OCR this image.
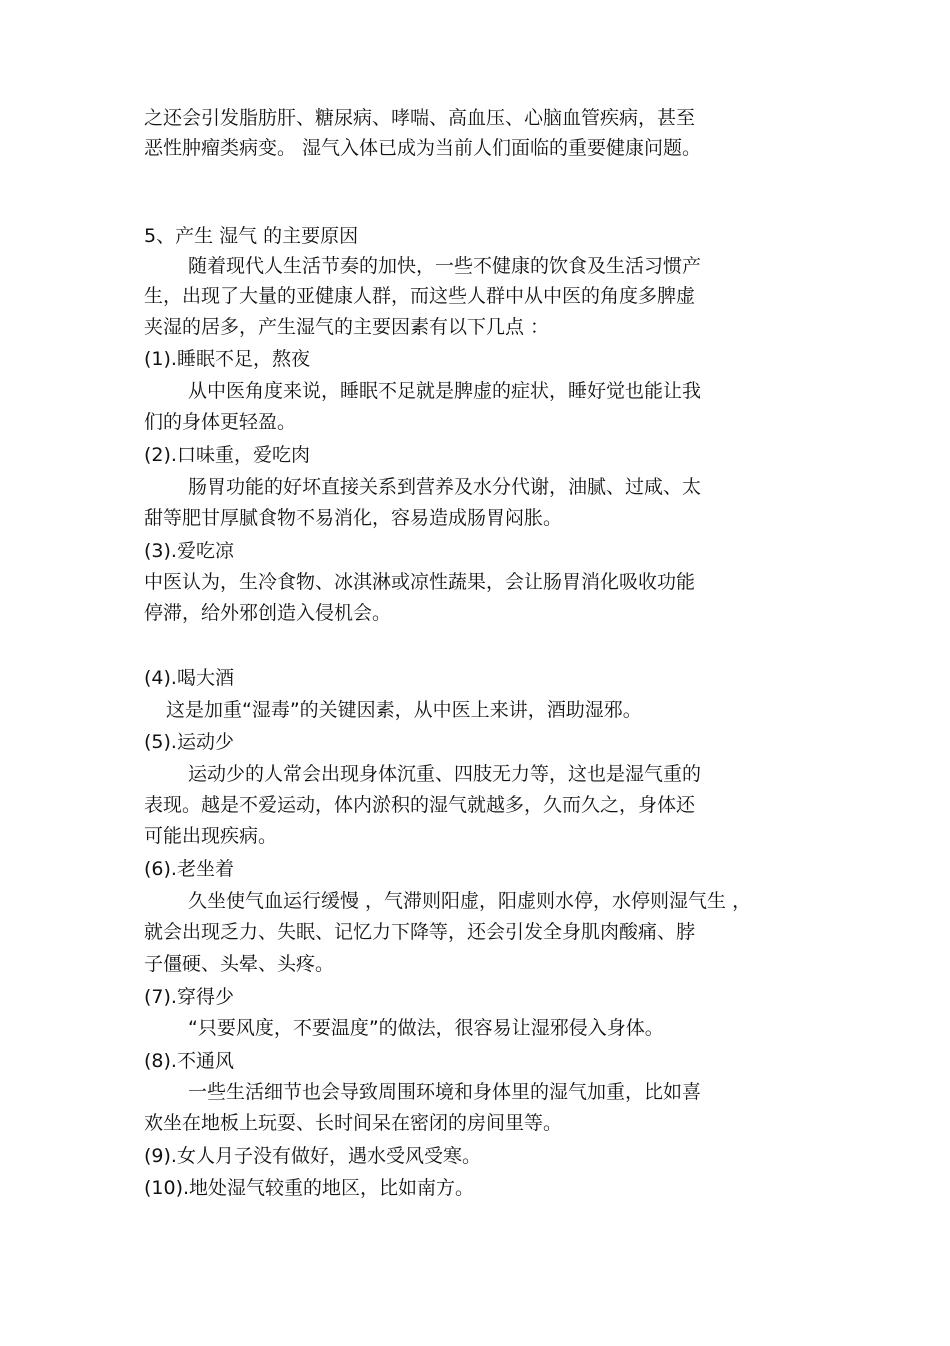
之还会引发脂肪肝、糖尿病、哮喘、高血压、心脑血管疾病，甚至
恶性肿瘤类病变。 湿气入体已成为当前人们面临的重要健康问题。
5、产生 湿气 的主要原因
随着现代人生活节奏的加快，一些不健康的饮食及生活习惯产
生，出现了大量的亚健康人群，而这些人群中从中医的角度多脾虚
夹湿的居多，产生湿气的主要因素有以下几点 ：
(1).睡眠不足，熬夜
从中医角度来说，睡眠不足就是脾虚的症状，睡好觉也能让我
们的身体更轻盈。
(2).口味重，爱吃肉
肠胃功能的好坏直接关系到营养及水分代谢，油腻、过咸、太
甜等肥甘厚腻食物不易消化，容易造成肠胃闷胀。
(3).爱吃凉
中医认为，生冷食物、冰淇淋或凉性蔬果，会让肠胃消化吸收功能
停滞，给外邪创造入侵机会。
(4).喝大酒
这是加重“湿毒”的关键因素，从中医上来讲，酒助湿邪。
(5).运动少
运动少的人常会出现身体沉重、四肢无力等，这也是湿气重的
表现。越是不爱运动，体内淤积的湿气就越多，久而久之，身体还
可能出现疾病。
(6).老坐着
久坐使气血运行缓慢 ，气滞则阳虚，阳虚则水停，水停则湿气生 ，
就会出现乏力、失眠、记忆力下降等，还会引发全身肌肉酸痛、脖
子僵硬、头晕、头疼。
(7).穿得少
“只要风度，不要温度”的做法，很容易让湿邪侵入身体。
(8).不通风
一些生活细节也会导致周围环境和身体里的湿气加重，比如喜
欢坐在地板上玩耍、长时间呆在密闭的房间里等。
(9).女人月子没有做好，遇水受风受寒。
(10).地处湿气较重的地区，比如南方。
